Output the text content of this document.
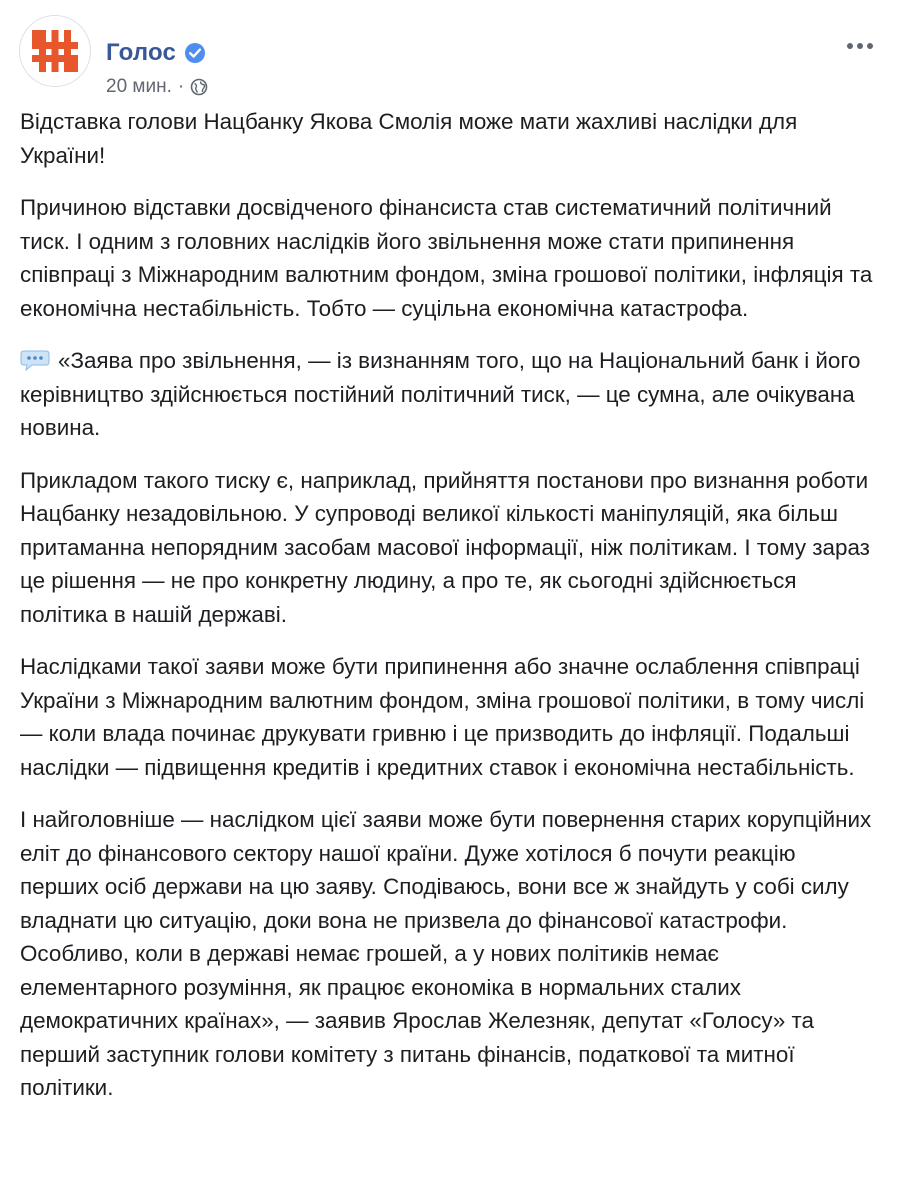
Голос
20 мин. ·

Відставка голови Нацбанку Якова Смолія може мати жахливі наслідки для України!

Причиною відставки досвідченого фінансиста став систематичний політичний тиск. І одним з головних наслідків його звільнення може стати припинення співпраці з Міжнародним валютним фондом, зміна грошової політики, інфляція та економічна нестабільність. Тобто — суцільна економічна катастрофа.

«Заява про звільнення, — із визнанням того, що на Національний банк і його керівництво здійснюється постійний політичний тиск, — це сумна, але очікувана новина.

Прикладом такого тиску є, наприклад, прийняття постанови про визнання роботи Нацбанку незадовільною. У супроводі великої кількості маніпуляцій, яка більш притаманна непорядним засобам масової інформації, ніж політикам. І тому зараз це рішення — не про конкретну людину, а про те, як сьогодні здійснюється політика в нашій державі.

Наслідками такої заяви може бути припинення або значне ослаблення співпраці України з Міжнародним валютним фондом, зміна грошової політики, в тому числі — коли влада починає друкувати гривню і це призводить до інфляції. Подальші наслідки — підвищення кредитів і кредитних ставок і економічна нестабільність.

І найголовніше — наслідком цієї заяви може бути повернення старих корупційних еліт до фінансового сектору нашої країни. Дуже хотілося б почути реакцію перших осіб держави на цю заяву. Сподіваюсь, вони все ж знайдуть у собі силу владнати цю ситуацію, доки вона не призвела до фінансової катастрофи. Особливо, коли в державі немає грошей, а у нових політиків немає елементарного розуміння, як працює економіка в нормальних сталих демократичних країнах», — заявив Ярослав Железняк, депутат «Голосу» та перший заступник голови комітету з питань фінансів, податкової та митної політики.
